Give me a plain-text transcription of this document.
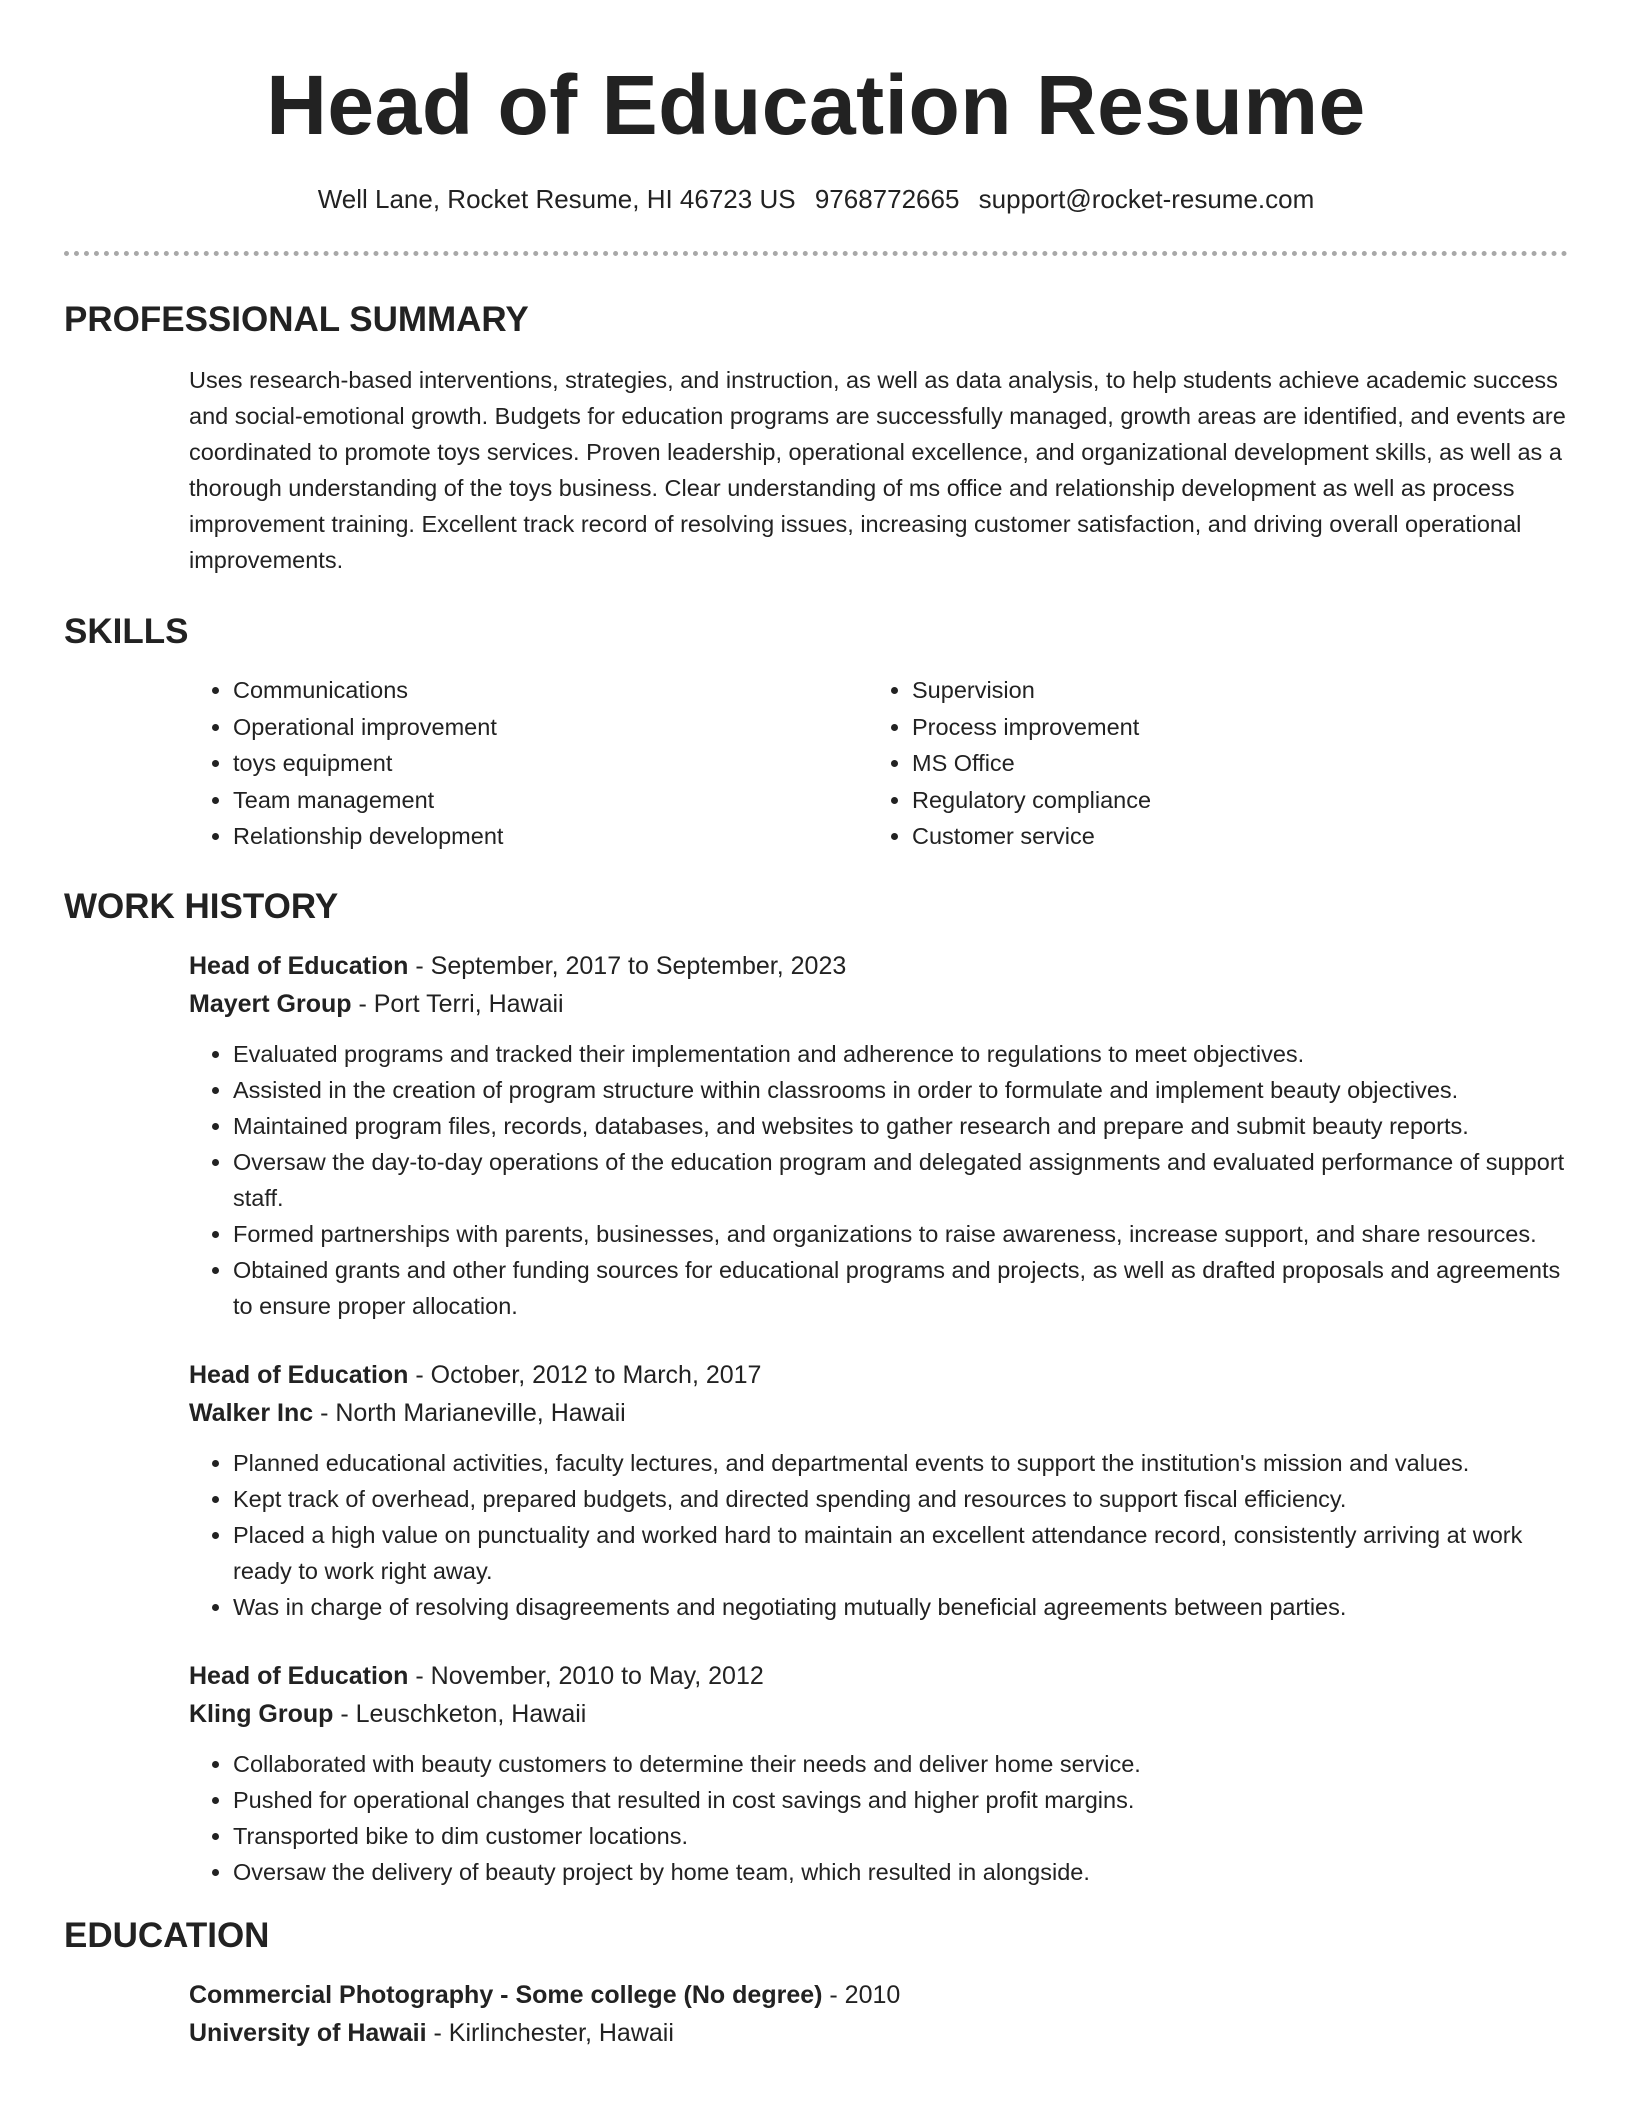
Head of Education Resume
Well Lane, Rocket Resume, HI 46723 US 9768772665 support@rocket-resume.com
PROFESSIONAL SUMMARY

Uses research-based interventions, strategies, and instruction, as well as data analysis, to help students achieve academic success and social-emotional growth. Budgets for education programs are successfully managed, growth areas are identified, and events are coordinated to promote toys services. Proven leadership, operational excellence, and organizational development skills, as well as a thorough understanding of the toys business. Clear understanding of ms office and relationship development as well as process improvement training. Excellent track record of resolving issues, increasing customer satisfaction, and driving overall operational improvements.

SKILLS
• Communications
• Operational improvement
• toys equipment
• Team management
• Relationship development
• Supervision
• Process improvement
• MS Office
• Regulatory compliance
• Customer service
WORK HISTORY
Head of Education - September, 2017 to September, 2023
Mayert Group - Port Terri, Hawaii
• Evaluated programs and tracked their implementation and adherence to regulations to meet objectives.
• Assisted in the creation of program structure within classrooms in order to formulate and implement beauty objectives.
• Maintained program files, records, databases, and websites to gather research and prepare and submit beauty reports.
• Oversaw the day-to-day operations of the education program and delegated assignments and evaluated performance of support staff.
• Formed partnerships with parents, businesses, and organizations to raise awareness, increase support, and share resources.
• Obtained grants and other funding sources for educational programs and projects, as well as drafted proposals and agreements to ensure proper allocation.
Head of Education - October, 2012 to March, 2017
Walker Inc - North Marianeville, Hawaii
• Planned educational activities, faculty lectures, and departmental events to support the institution's mission and values.
• Kept track of overhead, prepared budgets, and directed spending and resources to support fiscal efficiency.
• Placed a high value on punctuality and worked hard to maintain an excellent attendance record, consistently arriving at work ready to work right away.
• Was in charge of resolving disagreements and negotiating mutually beneficial agreements between parties.
Head of Education - November, 2010 to May, 2012
Kling Group - Leuschketon, Hawaii
• Collaborated with beauty customers to determine their needs and deliver home service.
• Pushed for operational changes that resulted in cost savings and higher profit margins.
• Transported bike to dim customer locations.
• Oversaw the delivery of beauty project by home team, which resulted in alongside.
EDUCATION
Commercial Photography - Some college (No degree) - 2010
University of Hawaii - Kirlinchester, Hawaii
